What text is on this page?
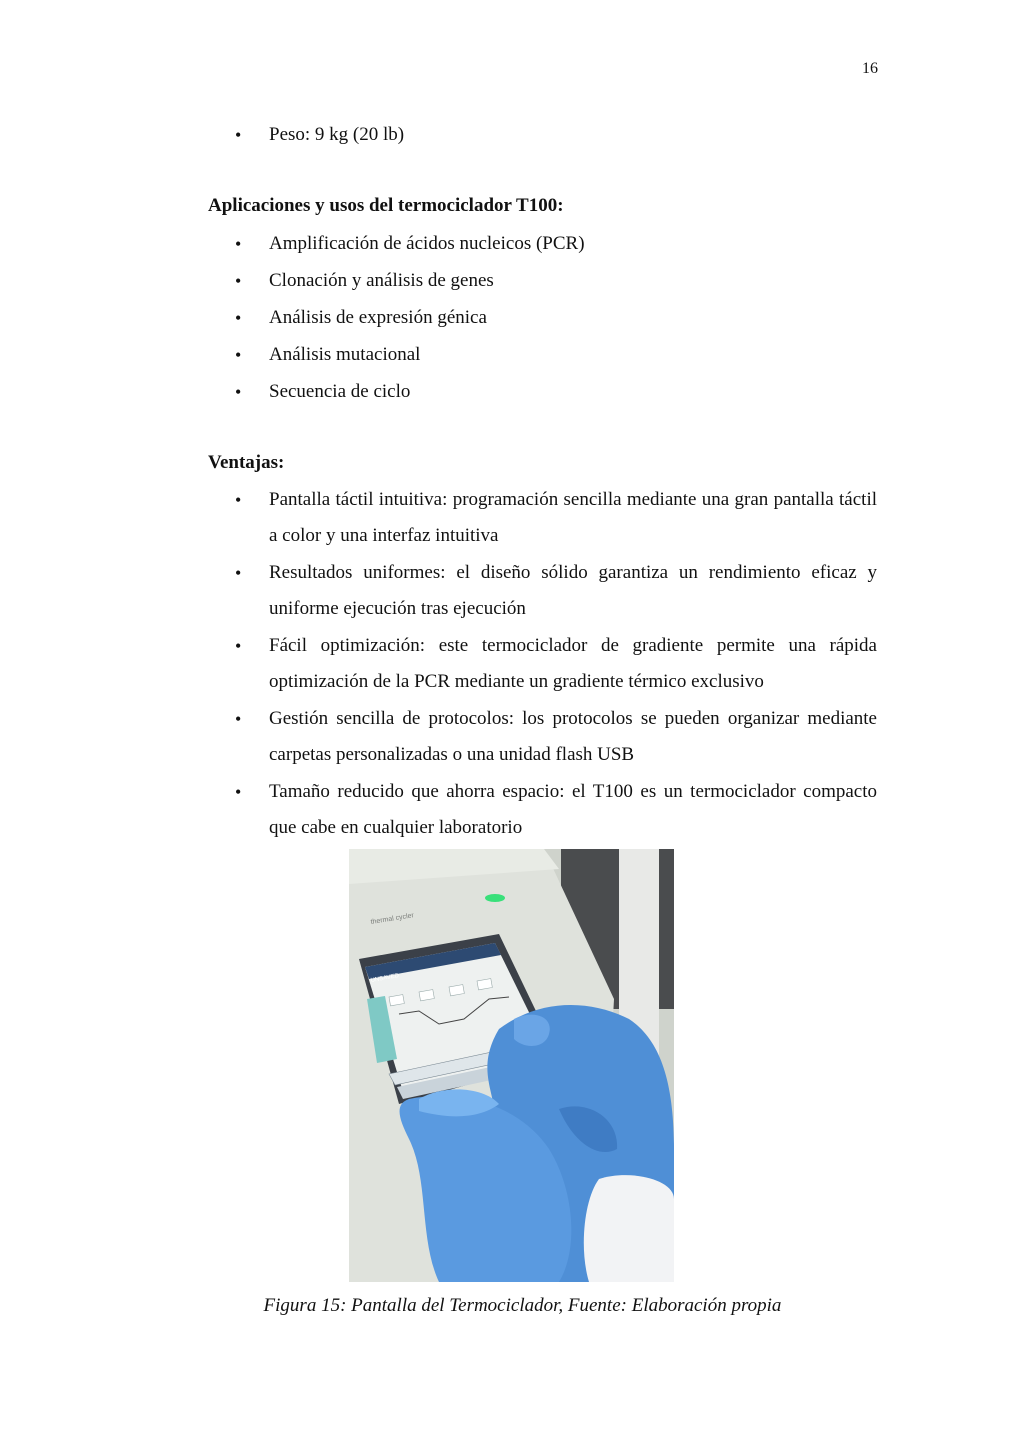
16
• Peso: 9 kg (20 lb)
Aplicaciones y usos del termociclador T100:
• Amplificación de ácidos nucleicos (PCR)
• Clonación y análisis de genes
• Análisis de expresión génica
• Análisis mutacional
• Secuencia de ciclo
Ventajas:
• Pantalla táctil intuitiva: programación sencilla mediante una gran pantalla táctil a color y una interfaz intuitiva
• Resultados uniformes: el diseño sólido garantiza un rendimiento eficaz y uniforme ejecución tras ejecución
• Fácil optimización: este termociclador de gradiente permite una rápida optimización de la PCR mediante un gradiente térmico exclusivo
• Gestión sencilla de protocolos: los protocolos se pueden organizar mediante carpetas personalizadas o una unidad flash USB
• Tamaño reducido que ahorra espacio: el T100 es un termociclador compacto que cabe en cualquier laboratorio
thermal cycler
UNSAVED
Figura 15: Pantalla del Termociclador, Fuente: Elaboración propia
